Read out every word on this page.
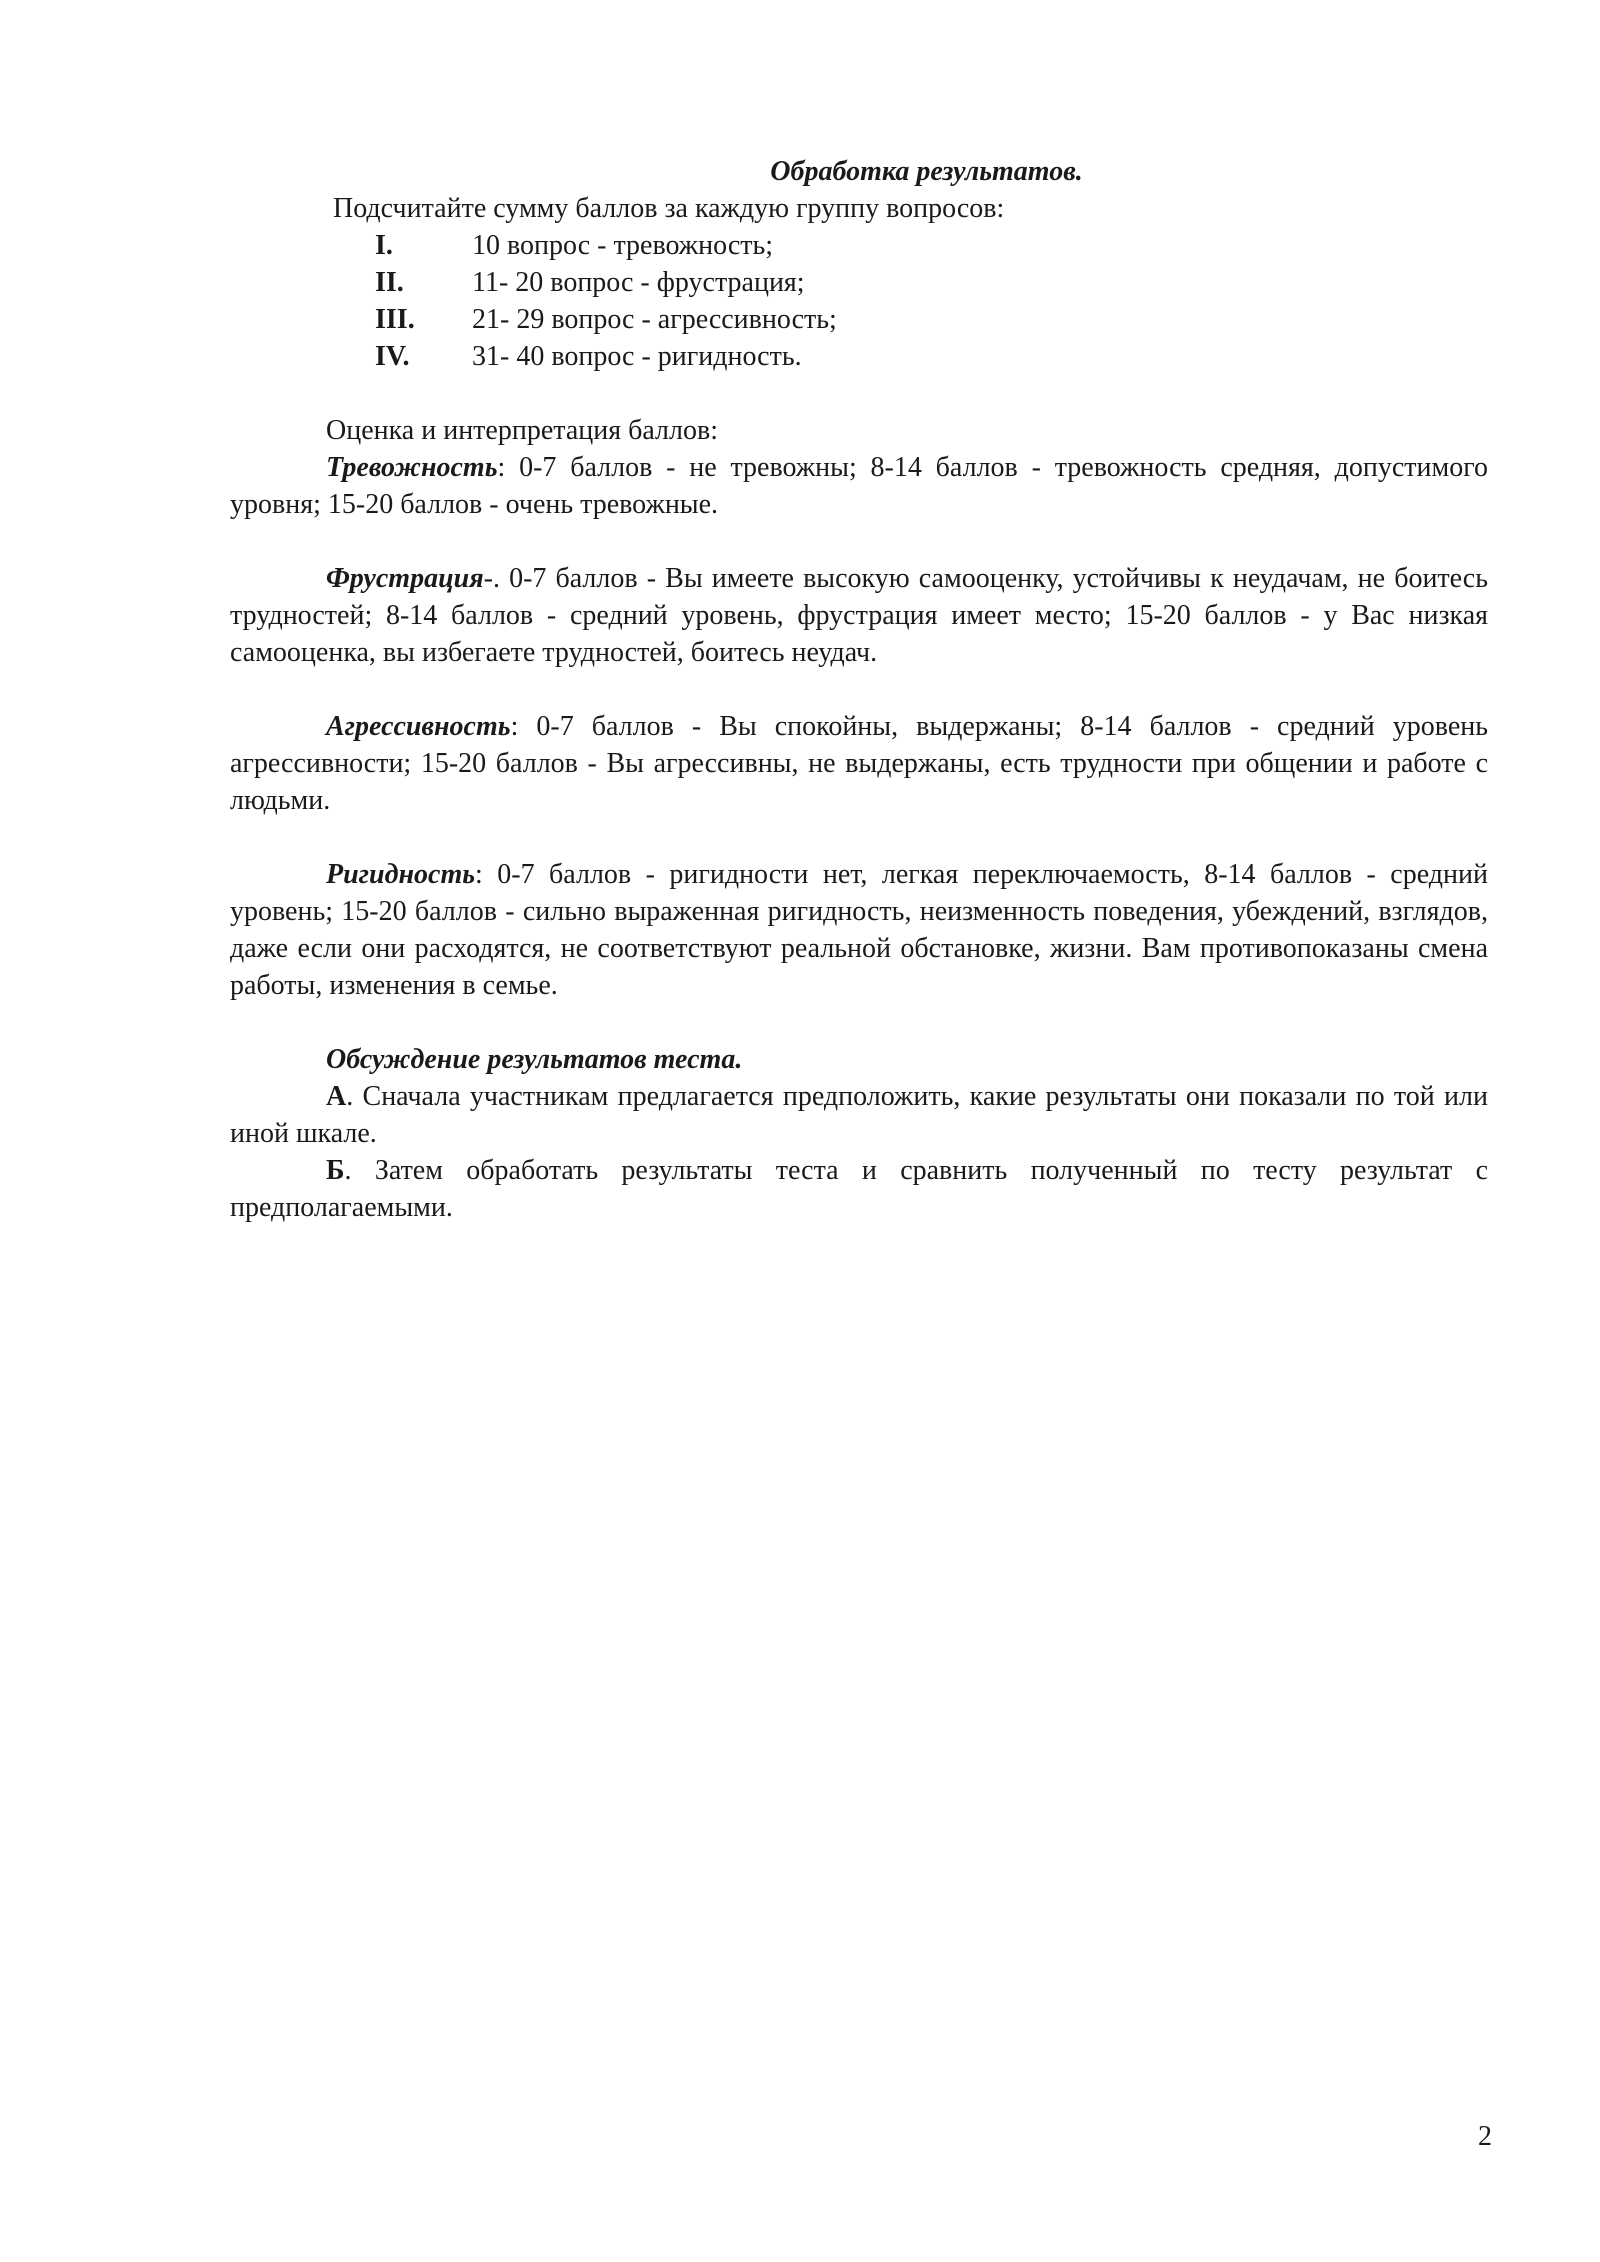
Обработка результатов.

Подсчитайте сумму баллов за каждую группу вопросов:

I.	10 вопрос - тревожность;
II.	11- 20 вопрос - фрустрация;
III.	21- 29 вопрос - агрессивность;
IV.	31- 40 вопрос - ригидность.

Оценка и интерпретация баллов:

Тревожность: 0-7 баллов - не тревожны; 8-14 баллов - тревожность средняя, допустимого уровня; 15-20 баллов - очень тревожные.

Фрустрация-. 0-7 баллов - Вы имеете высокую самооценку, устойчивы к неудачам, не боитесь трудностей; 8-14 баллов - средний уровень, фрустрация имеет место; 15-20 баллов - у Вас низкая самооценка, вы избегаете трудностей, боитесь неудач.

Агрессивность: 0-7 баллов - Вы спокойны, выдержаны; 8-14 баллов - средний уровень агрессивности; 15-20 баллов - Вы агрессивны, не выдержаны, есть трудности при общении и работе с людьми.

Ригидность: 0-7 баллов - ригидности нет, легкая переключаемость, 8-14 баллов - средний уровень; 15-20 баллов - сильно выраженная ригидность, неизменность поведения, убеждений, взглядов, даже если они расходятся, не соответствуют реальной обстановке, жизни. Вам противопоказаны смена работы, изменения в семье.

Обсуждение результатов теста.

А. Сначала участникам предлагается предположить, какие результаты они показали по той или иной шкале.

Б. Затем обработать результаты теста и сравнить полученный по тесту результат с предполагаемыми.

2
